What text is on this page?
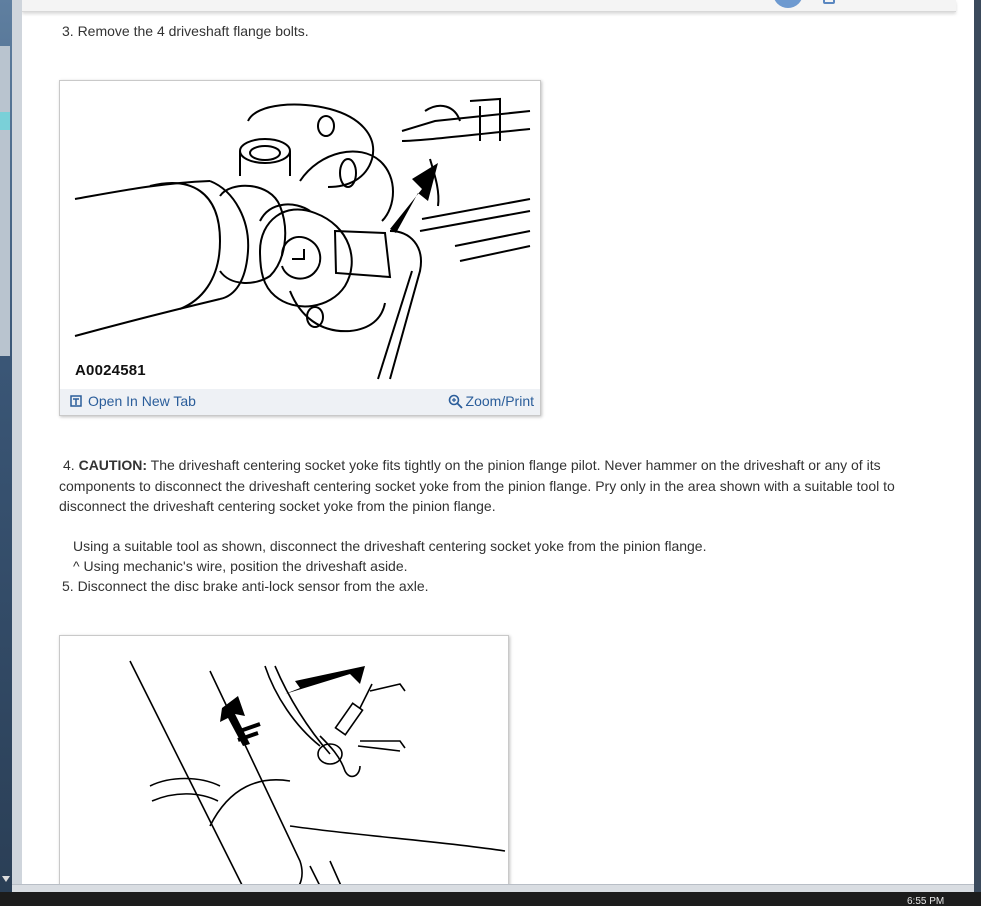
3. Remove the 4 driveshaft flange bolts.
A0024581
Open In New Tab	Zoom/Print
4. CAUTION: The driveshaft centering socket yoke fits tightly on the pinion flange pilot. Never hammer on the driveshaft or any of its components to disconnect the driveshaft centering socket yoke from the pinion flange. Pry only in the area shown with a suitable tool to disconnect the driveshaft centering socket yoke from the pinion flange.
Using a suitable tool as shown, disconnect the driveshaft centering socket yoke from the pinion flange.
^ Using mechanic's wire, position the driveshaft aside.
5. Disconnect the disc brake anti-lock sensor from the axle.
6:55 PM
